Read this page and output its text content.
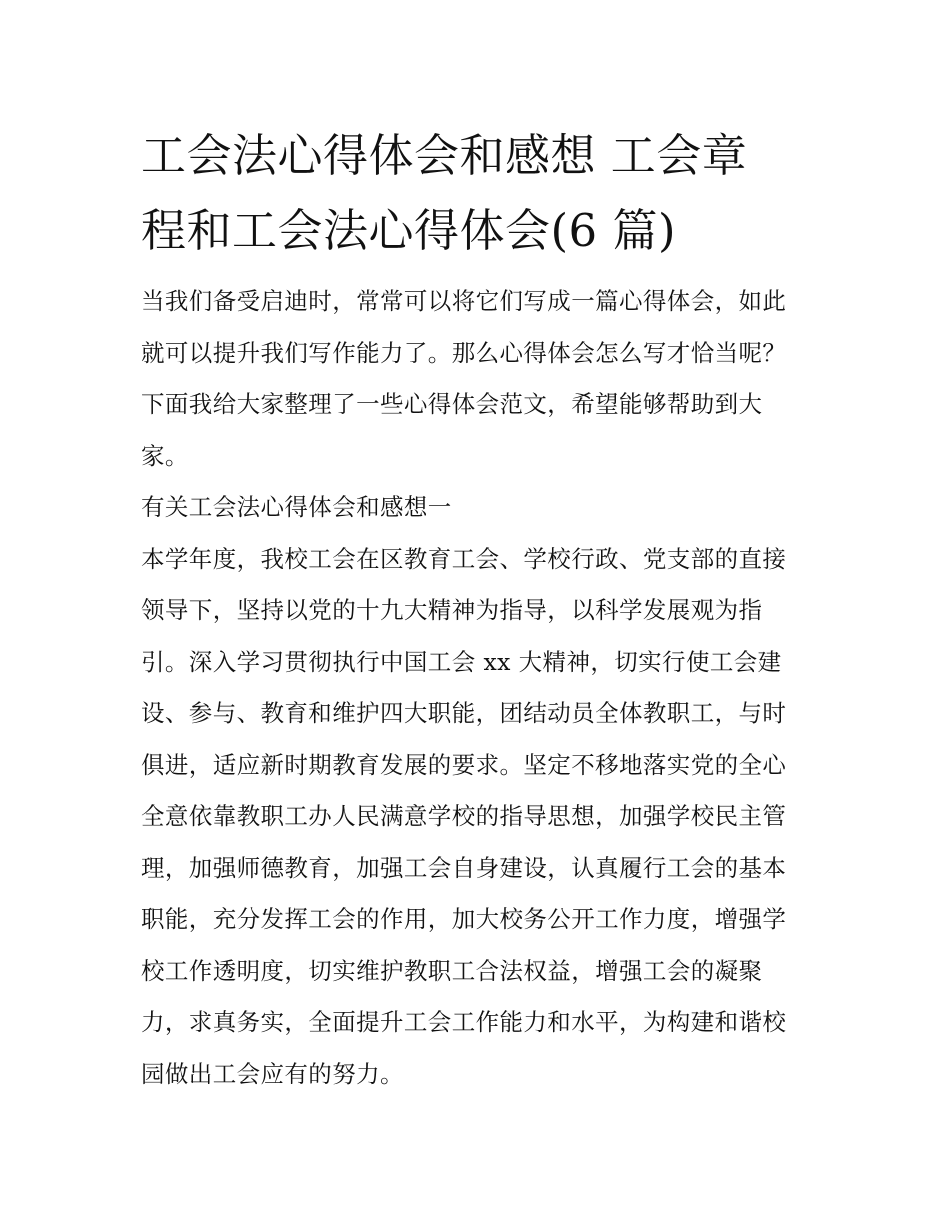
工会法心得体会和感想 工会章
程和工会法心得体会(6 篇)
当我们备受启迪时，常常可以将它们写成一篇心得体会，如此
就可以提升我们写作能力了。那么心得体会怎么写才恰当呢？
下面我给大家整理了一些心得体会范文，希望能够帮助到大
家。
有关工会法心得体会和感想一
本学年度，我校工会在区教育工会、学校行政、党支部的直接
领导下，坚持以党的十九大精神为指导，以科学发展观为指
引。深入学习贯彻执行中国工会 xx 大精神，切实行使工会建
设、参与、教育和维护四大职能，团结动员全体教职工，与时
俱进，适应新时期教育发展的要求。坚定不移地落实党的全心
全意依靠教职工办人民满意学校的指导思想，加强学校民主管
理，加强师德教育，加强工会自身建设，认真履行工会的基本
职能，充分发挥工会的作用，加大校务公开工作力度，增强学
校工作透明度，切实维护教职工合法权益，增强工会的凝聚
力，求真务实，全面提升工会工作能力和水平，为构建和谐校
园做出工会应有的努力。
